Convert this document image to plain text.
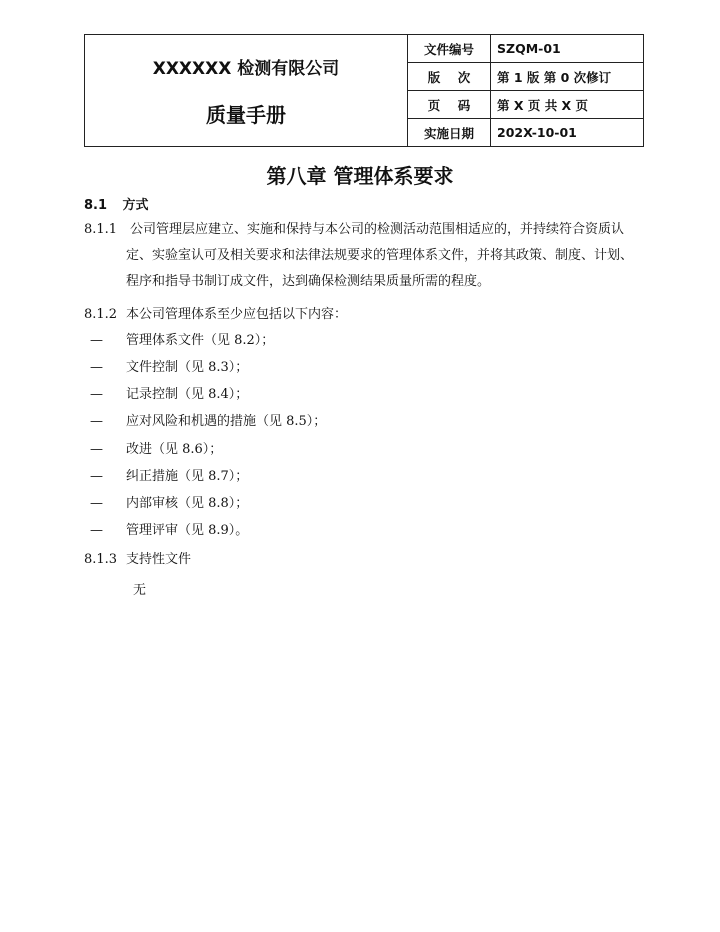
XXXXXX 检测有限公司
质量手册	文件编号	SZQM-01
	版    次	第 1 版 第 0 次修订
	页    码	第 X 页 共 X 页
	实施日期	202X-10-01
第八章 管理体系要求
8.1 方式
8.1.1 公司管理层应建立、实施和保持与本公司的检测活动范围相适应的，并持续符合资质认定、实验室认可及相关要求和法律法规要求的管理体系文件，并将其政策、制度、计划、程序和指导书制订成文件，达到确保检测结果质量所需的程度。
8.1.2 本公司管理体系至少应包括以下内容：
— 管理体系文件（见 8.2）；
— 文件控制（见 8.3）；
— 记录控制（见 8.4）；
— 应对风险和机遇的措施（见 8.5）；
— 改进（见 8.6）；
— 纠正措施（见 8.7）；
— 内部审核（见 8.8）；
— 管理评审（见 8.9）。
8.1.3 支持性文件
无
